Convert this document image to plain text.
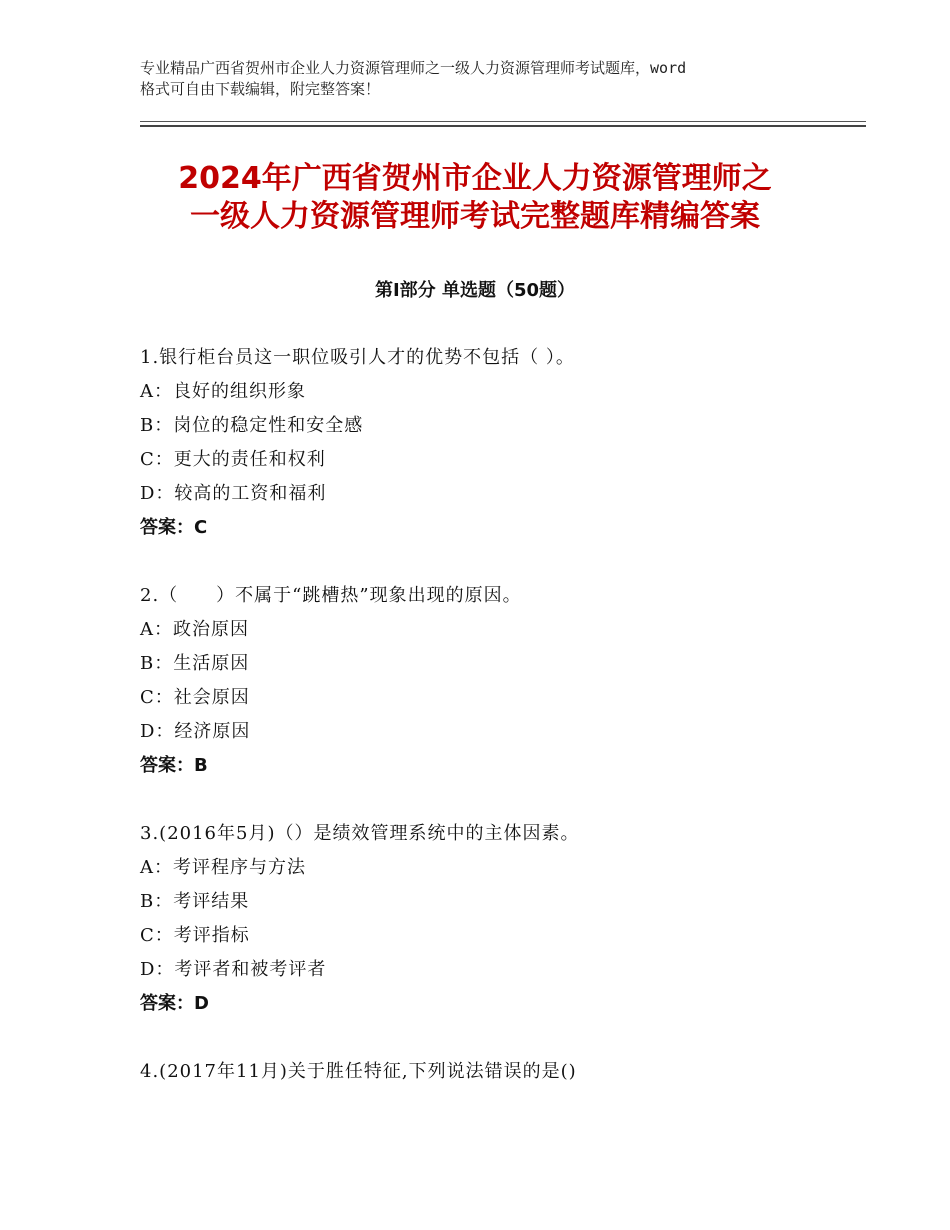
专业精品广西省贺州市企业人力资源管理师之一级人力资源管理师考试题库，word
格式可自由下载编辑，附完整答案！
2024年广西省贺州市企业人力资源管理师之
一级人力资源管理师考试完整题库精编答案
第Ⅰ部分 单选题（50题）
1.银行柜台员这一职位吸引人才的优势不包括（ ）。
A：良好的组织形象
B：岗位的稳定性和安全感
C：更大的责任和权利
D：较高的工资和福利
答案：C
2.（　　）不属于“跳槽热”现象出现的原因。
A：政治原因
B：生活原因
C：社会原因
D：经济原因
答案：B
3.(2016年5月)（）是绩效管理系统中的主体因素。
A：考评程序与方法
B：考评结果
C：考评指标
D：考评者和被考评者
答案：D
4.(2017年11月)关于胜任特征,下列说法错误的是()
